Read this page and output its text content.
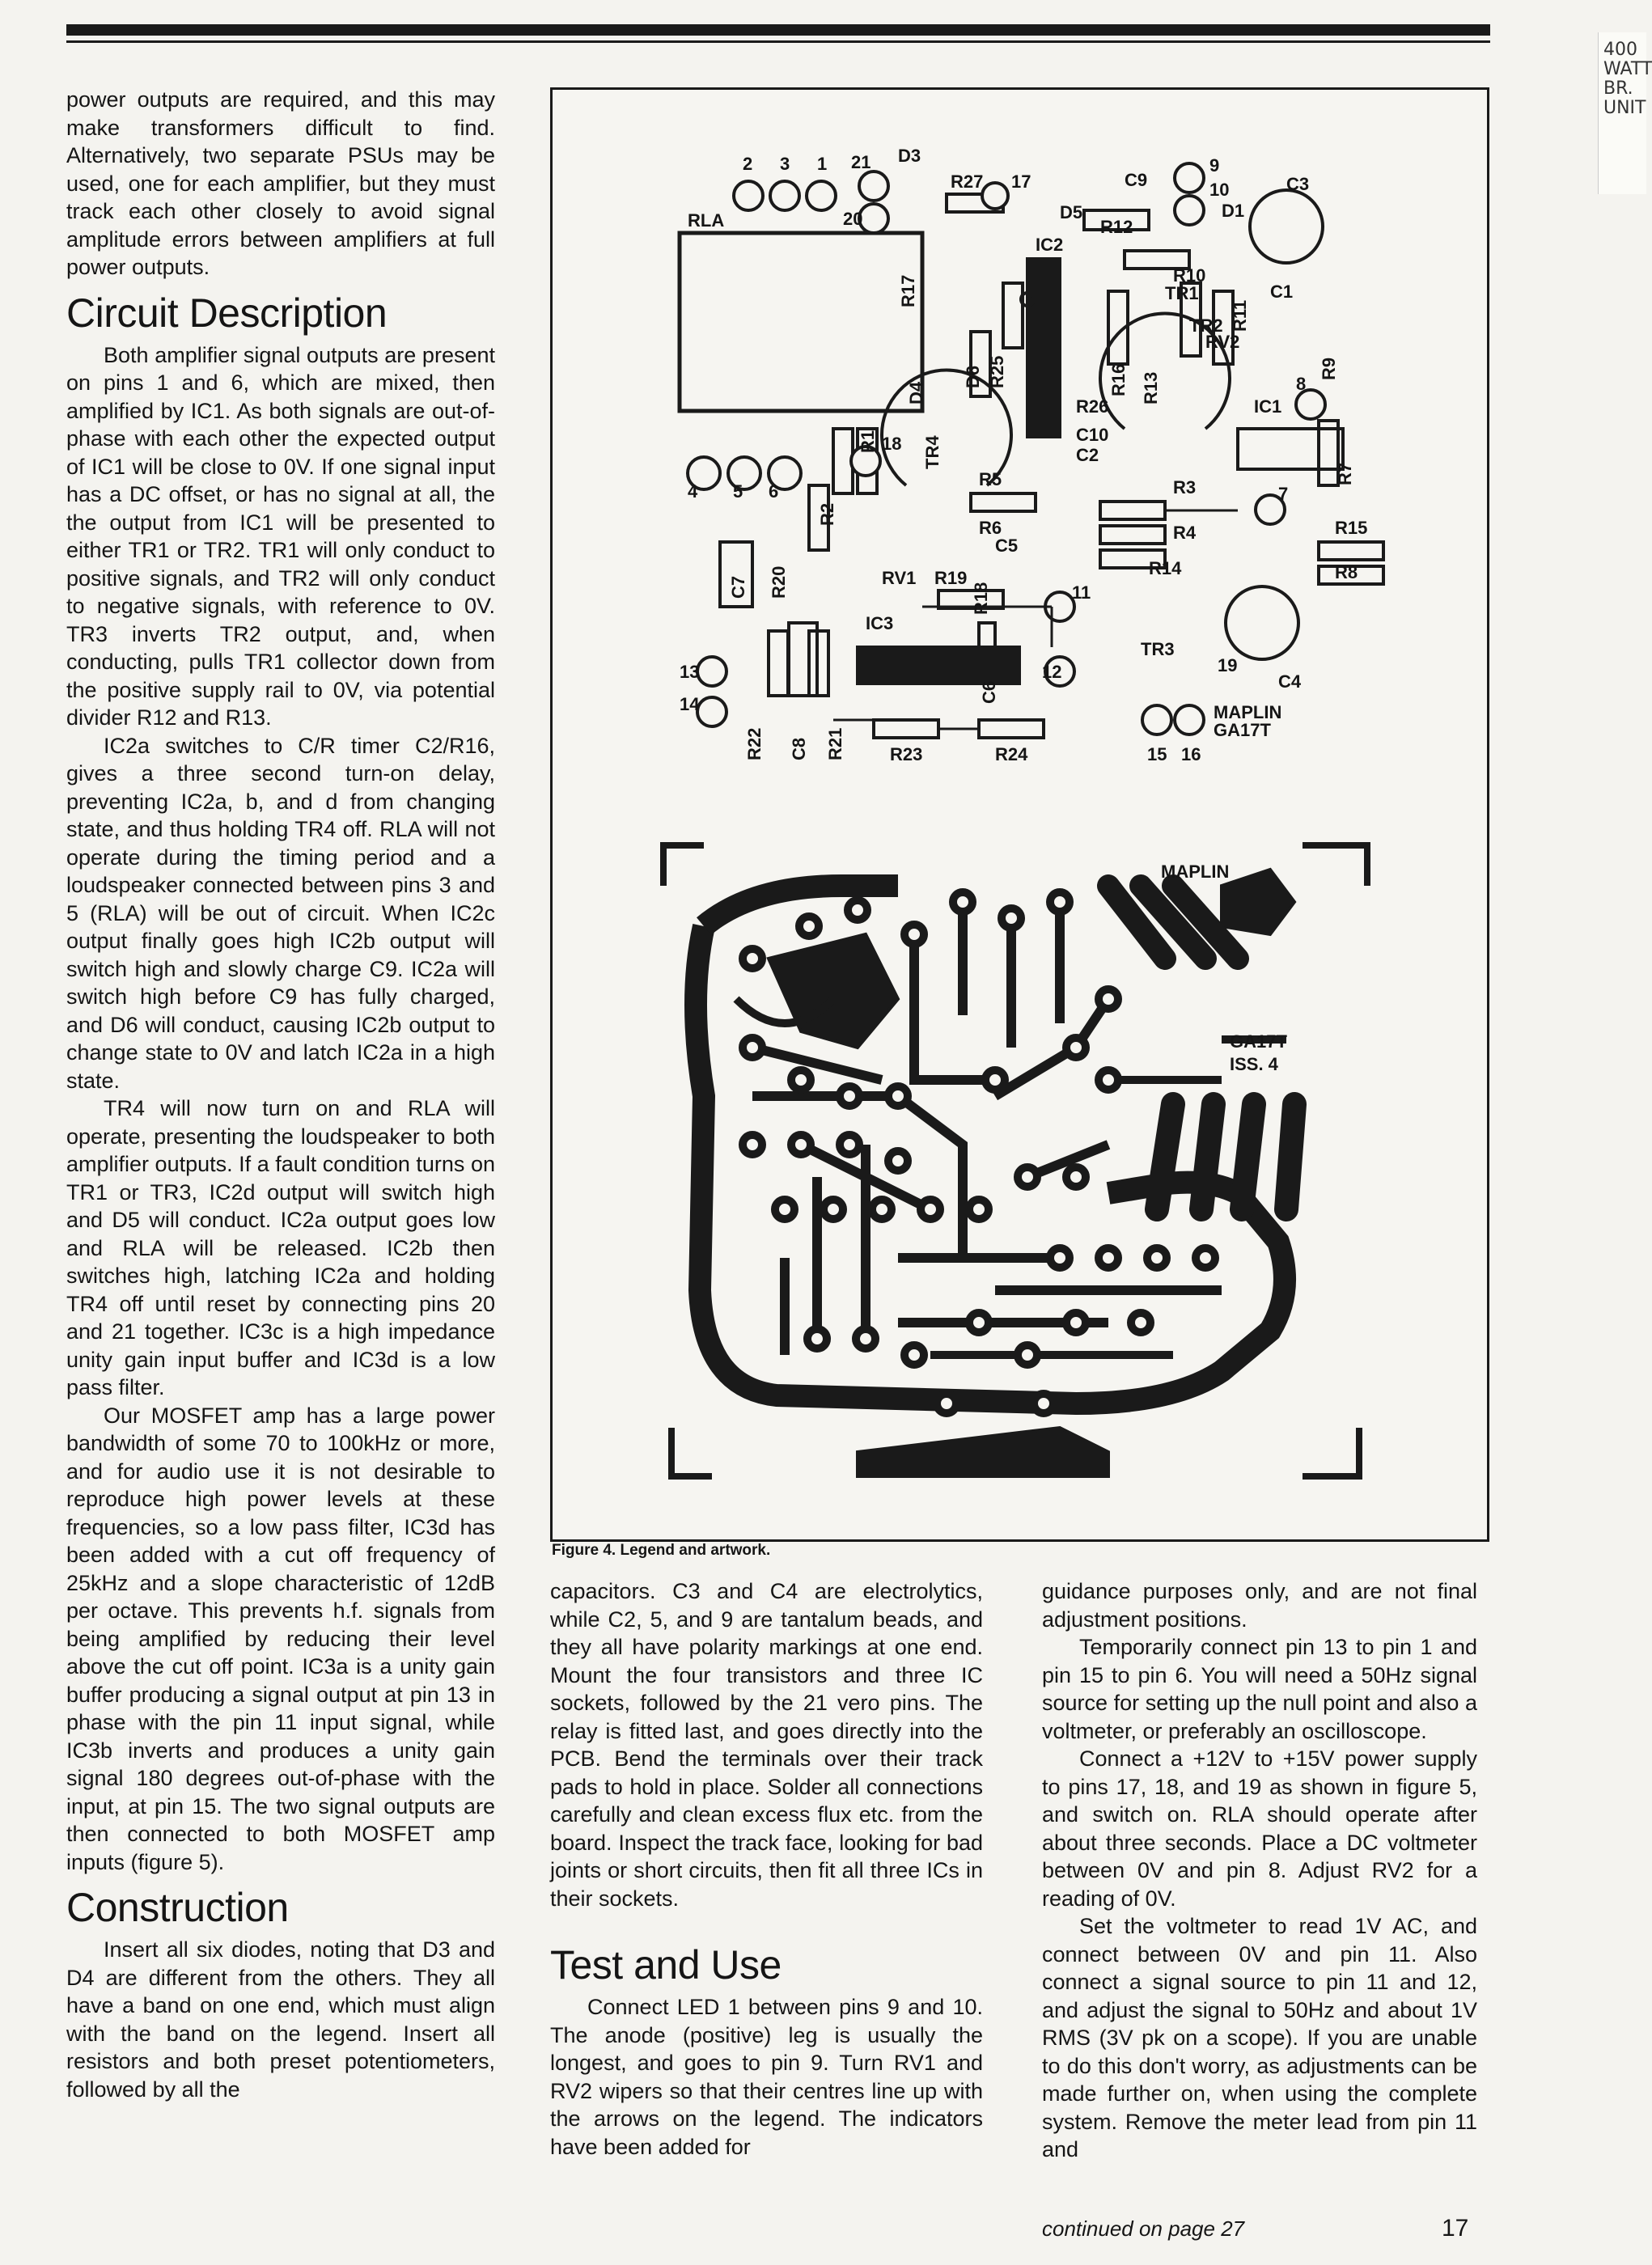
400 WATT BR. UNIT

power outputs are required, and this may make transformers difficult to find. Alternatively, two separate PSUs may be used, one for each amplifier, but they must track each other closely to avoid signal amplitude errors between amplifiers at full power outputs.

Circuit Description

Both amplifier signal outputs are present on pins 1 and 6, which are mixed, then amplified by IC1. As both signals are out-of-phase with each other the expected output of IC1 will be close to 0V. If one signal input has a DC offset, or has no signal at all, the the output from IC1 will be presented to either TR1 or TR2. TR1 will only conduct to positive signals, and TR2 will only conduct to negative signals, with reference to 0V. TR3 inverts TR2 output, and, when conducting, pulls TR1 collector down from the positive supply rail to 0V, via potential divider R12 and R13.

IC2a switches to C/R timer C2/R16, gives a three second turn-on delay, preventing IC2a, b, and d from changing state, and thus holding TR4 off. RLA will not operate during the timing period and a loudspeaker connected between pins 3 and 5 (RLA) will be out of circuit. When IC2c output finally goes high IC2b output will switch high and slowly charge C9. IC2a will switch high before C9 has fully charged, and D6 will conduct, causing IC2b output to change state to 0V and latch IC2a in a high state.

TR4 will now turn on and RLA will operate, presenting the loudspeaker to both amplifier outputs. If a fault condition turns on TR1 or TR3, IC2d output will switch high and D5 will conduct. IC2a output goes low and RLA will be released. IC2b then switches high, latching IC2a and holding TR4 off until reset by connecting pins 20 and 21 together. IC3c is a high impedance unity gain input buffer and IC3d is a low pass filter.

Our MOSFET amp has a large power bandwidth of some 70 to 100kHz or more, and for audio use it is not desirable to reproduce high power levels at these frequencies, so a low pass filter, IC3d has been added with a cut off frequency of 25kHz and a slope characteristic of 12dB per octave. This prevents h.f. signals from being amplified by reducing their level above the cut off point. IC3a is a unity gain buffer producing a signal output at pin 13 in phase with the pin 11 input signal, while IC3b inverts and produces a unity gain signal 180 degrees out-of-phase with the input, at pin 15. The two signal outputs are then connected to both MOSFET amp inputs (figure 5).

Construction

Insert all six diodes, noting that D3 and D4 are different from the others. They all have a band on one end, which must align with the band on the legend. Insert all resistors and both preset potentiometers, followed by all the

RLA
2 3 1 21
20
D3
R27 17
IC2
D5
C9
R12
9
10
D1
C3
R10
TR1	C1
TR2
R17
D4
D6 R25	R16
R11
R9
RV2
R13
R26	IC1
8
C10
C2
R7
R1 18 TR4
4 5 6
R2
R5
R6
C5
7
R3
R4
R14
R15
R8
C7 R20	RV1 R19
R18	11
IC3
TR3
12	19
C4
13
14
C6
R22 C8 R21	R23	R24	15 16
MAPLIN
GA17T
MAPLIN
GA17T
ISS. 4
Figure 4. Legend and artwork.

capacitors. C3 and C4 are electrolytics, while C2, 5, and 9 are tantalum beads, and they all have polarity markings at one end. Mount the four transistors and three IC sockets, followed by the 21 vero pins. The relay is fitted last, and goes directly into the PCB. Bend the terminals over their track pads to hold in place. Solder all connections carefully and clean excess flux etc. from the board. Inspect the track face, looking for bad joints or short circuits, then fit all three ICs in their sockets.

Test and Use

Connect LED 1 between pins 9 and 10. The anode (positive) leg is usually the longest, and goes to pin 9. Turn RV1 and RV2 wipers so that their centres line up with the arrows on the legend. The indicators have been added for

guidance purposes only, and are not final adjustment positions.

Temporarily connect pin 13 to pin 1 and pin 15 to pin 6. You will need a 50Hz signal source for setting up the null point and also a voltmeter, or preferably an oscilloscope.

Connect a +12V to +15V power supply to pins 17, 18, and 19 as shown in figure 5, and switch on. RLA should operate after about three seconds. Place a DC voltmeter between 0V and pin 8. Adjust RV2 for a reading of 0V.

Set the voltmeter to read 1V AC, and connect between 0V and pin 11. Also connect a signal source to pin 11 and 12, and adjust the signal to 50Hz and about 1V RMS (3V pk on a scope). If you are unable to do this don't worry, as adjustments can be made further on, when using the complete system. Remove the meter lead from pin 11 and

continued on page 27	17
